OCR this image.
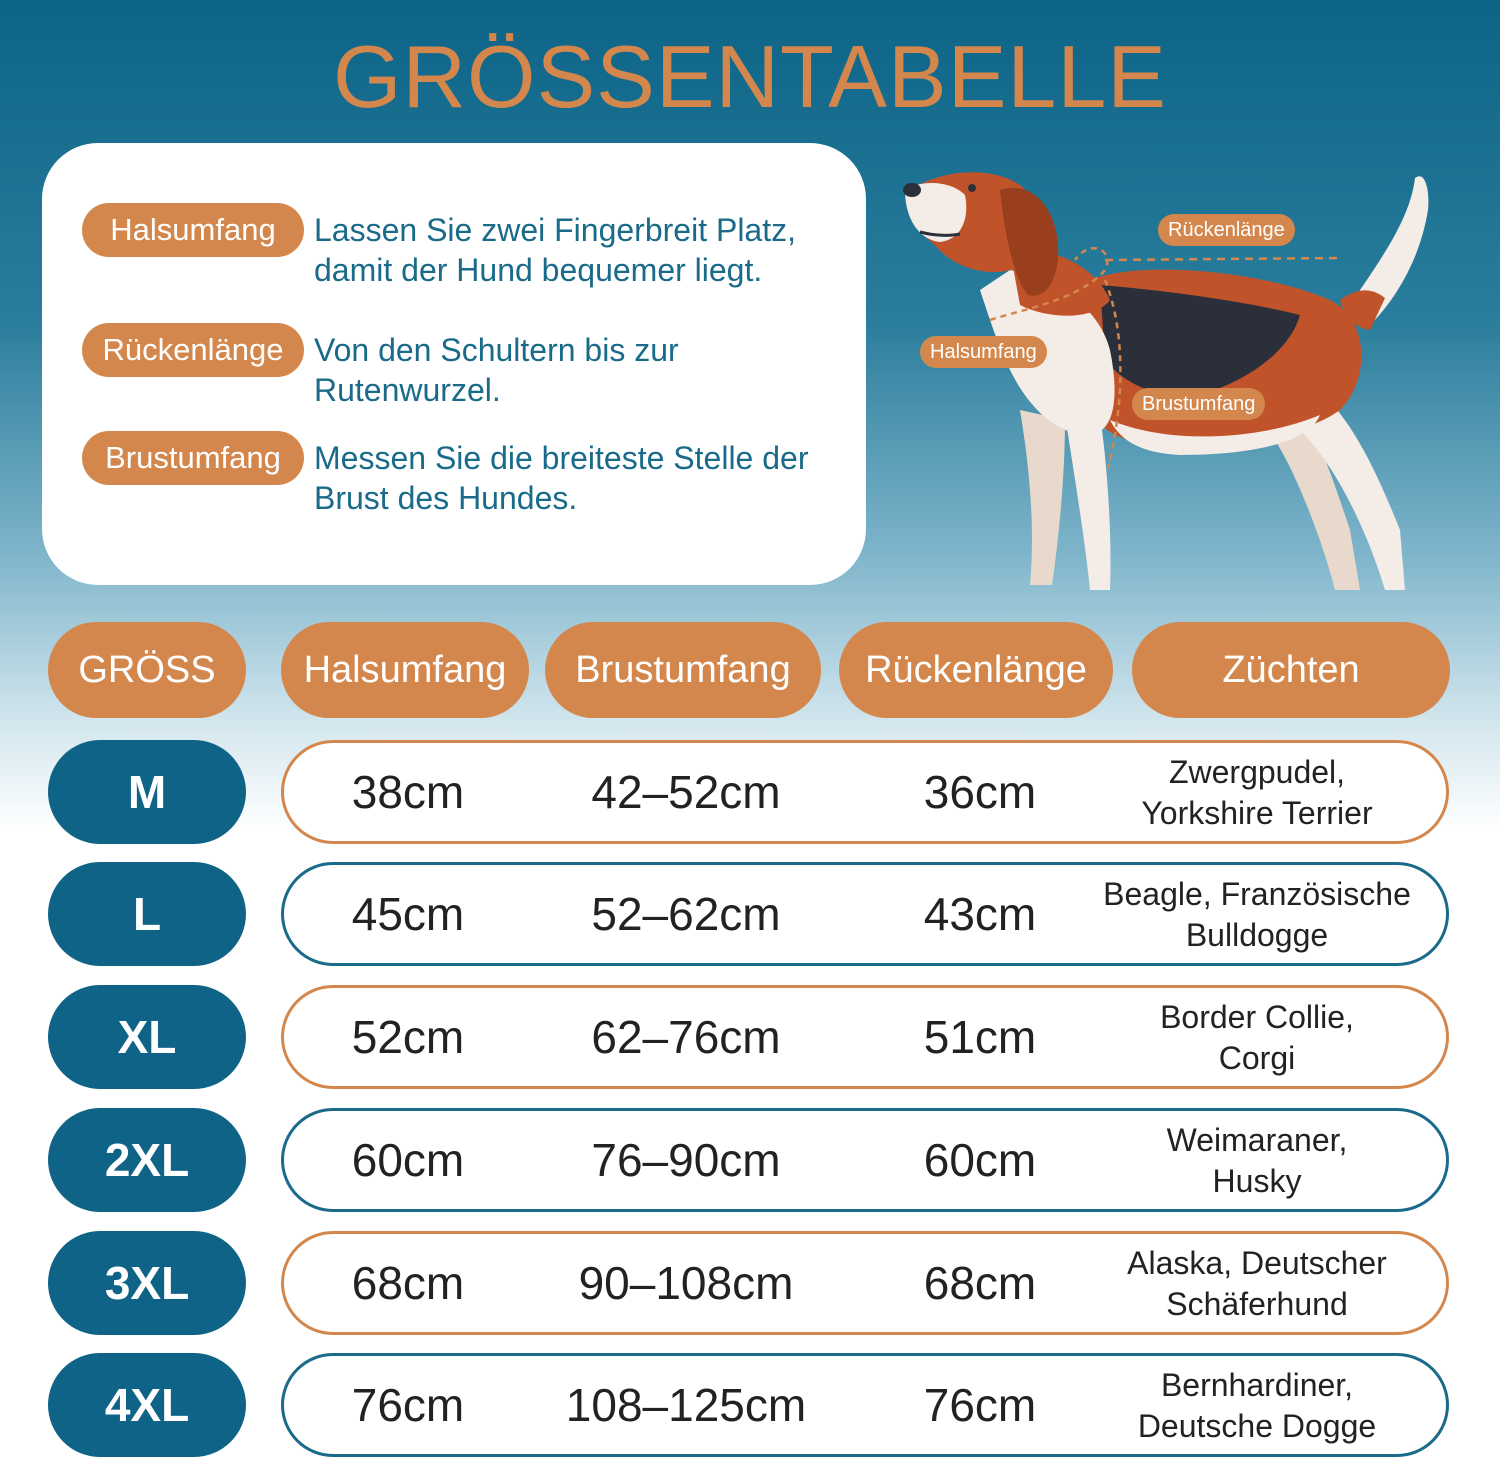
GRÖSSENTABELLE
Halsumfang	Lassen Sie zwei Fingerbreit Platz,
damit der Hund bequemer liegt.
Rückenlänge Von den Schultern bis zur
Rutenwurzel.
Brustumfang	Messen Sie die breiteste Stelle der
Brust des Hundes.
Rückenlänge
Halsumfang
Brustumfang
GRÖSS	Halsumfang	Brustumfang	Rückenlänge	Züchten
M	38cm	42–52cm	36cm	Zwergpudel,
Yorkshire Terrier
L	45cm	52–62cm	43cm	Beagle, Französische
Bulldogge
XL	52cm	62–76cm	51cm	Border Collie,
Corgi
2XL	60cm	76–90cm	60cm	Weimaraner,
Husky
3XL	68cm	90–108cm	68cm	Alaska, Deutscher
Schäferhund
4XL	76cm	108–125cm	76cm	Bernhardiner,
Deutsche Dogge
